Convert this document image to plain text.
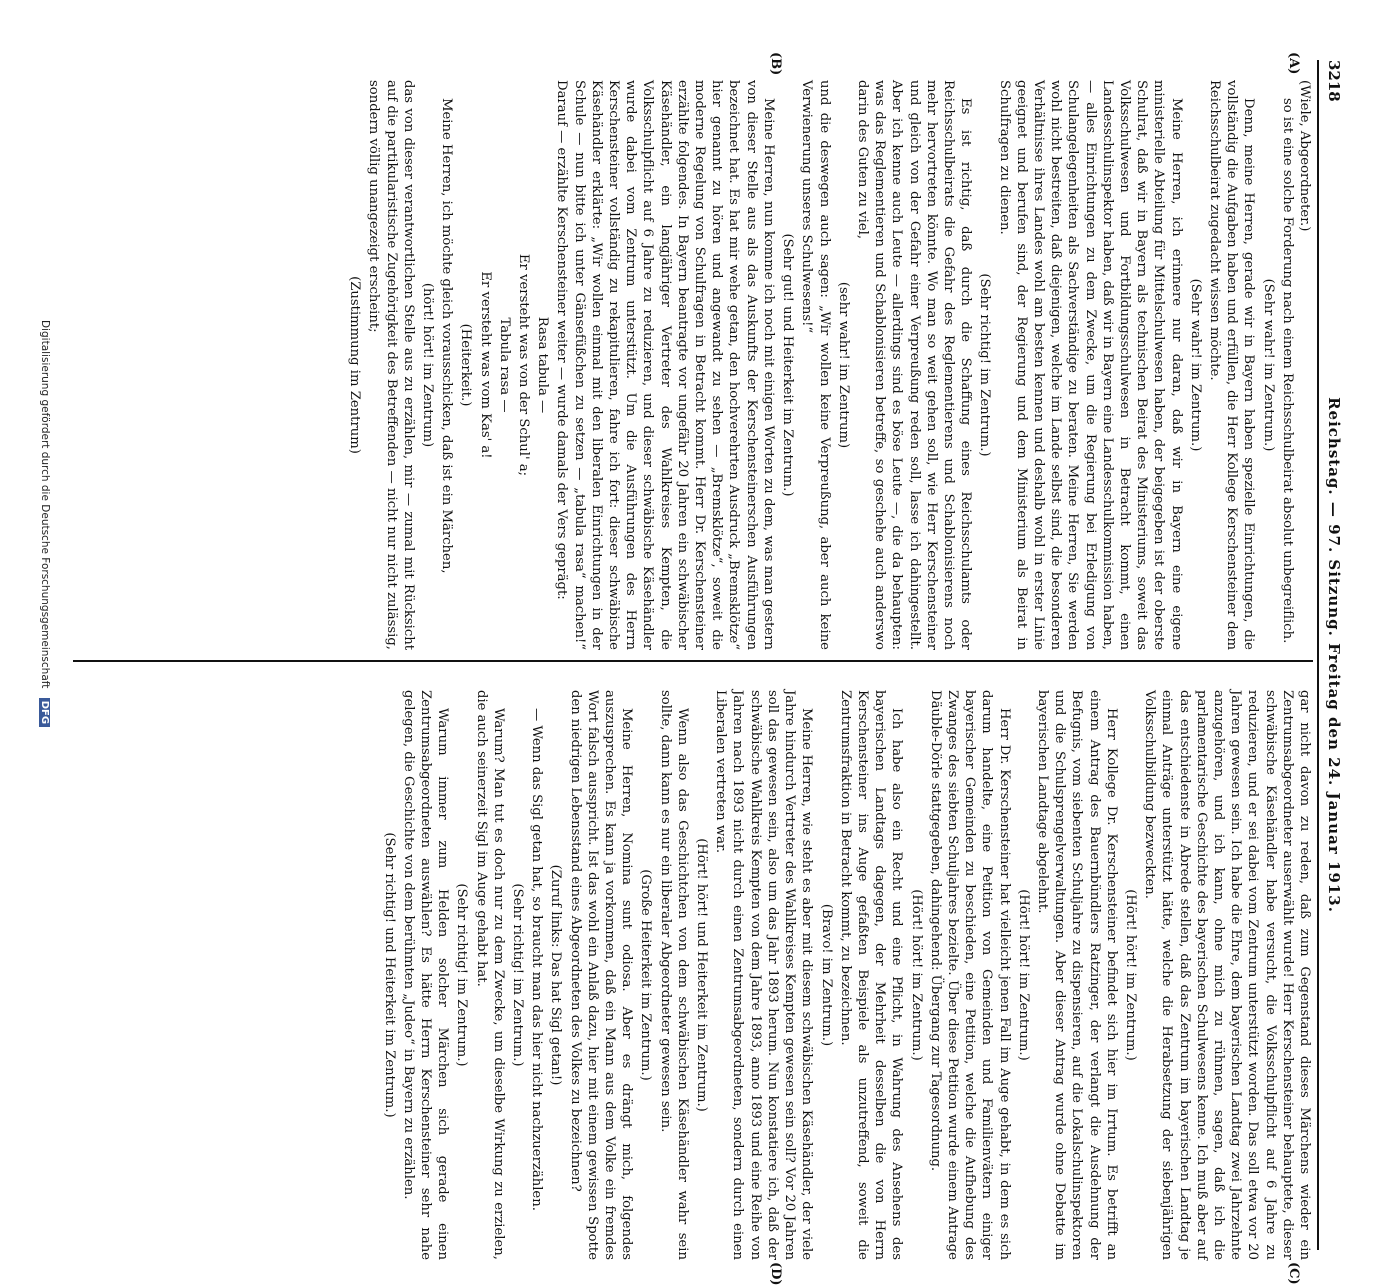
3218
Reichstag. — 97. Sitzung. Freitag den 24. Januar 1913.
(A)
(B)
(C)
(D)

(Wiele, Abgeordneter.)

so ist eine solche Forderung nach einem Reichsschulbeirat absolut unbegreiflich.

(Sehr wahr! im Zentrum.)

Denn, meine Herren, gerade wir in Bayern haben spezielle Einrichtungen, die vollständig die Aufgaben haben und erfüllen, die Herr Kollege Kerschensteiner dem Reichsschulbeirat zugedacht wissen möchte.

(Sehr wahr! im Zentrum.)

Meine Herren, ich erinnere nur daran, daß wir in Bayern eine eigene ministerielle Abteilung für Mittelschulwesen haben, der beigegeben ist der oberste Schulrat, daß wir in Bayern als technischen Beirat des Ministeriums, soweit das Volksschulwesen und Fortbildungsschulwesen in Betracht kommt, einen Landesschulinspektor haben, daß wir in Bayern eine Landesschulkommission haben, — alles Einrichtungen zu dem Zwecke, um die Regierung bei Erledigung von Schulangelegenheiten als Sachverständige zu beraten. Meine Herren, Sie werden wohl nicht bestreiten, daß diejenigen, welche im Lande selbst sind, die besonderen Verhältnisse ihres Landes wohl am besten kennen und deshalb wohl in erster Linie geeignet und berufen sind, der Regierung und dem Ministerium als Beirat in Schulfragen zu dienen.

(Sehr richtig! im Zentrum.)

Es ist richtig, daß durch die Schaffung eines Reichsschulamts oder Reichsschulbeirats die Gefahr des Reglementierens und Schablonisierens noch mehr hervortreten könnte. Wo man so weit gehen soll, wie Herr Kerschensteiner und gleich von der Gefahr einer Verpreußung reden soll, lasse ich dahingestellt. Aber ich kenne auch Leute — allerdings sind es böse Leute —, die da behaupten: was das Reglementieren und Schablonisieren betreffe, so geschehe auch anderswo darin des Guten zu viel,

(sehr wahr! im Zentrum)

und die deswegen auch sagen: „Wir wollen keine Verpreußung, aber auch keine Verwienerung unseres Schulwesens!“

(Sehr gut! und Heiterkeit im Zentrum.)

Meine Herren, nun komme ich noch mit einigen Worten zu dem, was man gestern von dieser Stelle aus als das Auskunfts der Kerschensteinerschen Ausführungen bezeichnet hat. Es hat mir wehe getan, den hochverehrten Ausdruck „Bremsklötze“ hier genannt zu hören und angewandt zu sehen — „Bremsklötze“, soweit die moderne Regelung von Schulfragen in Betracht kommt. Herr Dr. Kerschensteiner erzählte folgendes. In Bayern beantragte vor ungefähr 20 Jahren ein schwäbischer Käsehändler, ein langjähriger Vertreter des Wahlkreises Kempten, die Volksschulpflicht auf 6 Jahre zu reduzieren, und dieser schwäbische Käsehändler wurde dabei vom Zentrum unterstützt. Um die Ausführungen des Herrn Kerschensteiner vollständig zu rekapitulieren, fahre ich fort: dieser schwäbische Käsehändler erklärte: „Wir wollen einmal mit den liberalen Einrichtungen in der Schule — nun bitte ich unter Gänsefüßchen zu setzen — „tabula rasa“ machen!“ Darauf — erzählte Kerschensteiner weiter — wurde damals der Vers geprägt:

Rasa tabula —
Er versteht was von der Schul' a;
Tabula rasa —
Er versteht was vom Kas' a!
(Heiterkeit.)

Meine Herren, ich möchte gleich vorausschicken, daß ist ein Märchen,

(hört! hört! im Zentrum)

das von dieser verantwortlichen Stelle aus zu erzählen, mir — zumal mit Rücksicht auf die partikularistische Zugehörigkeit des Betreffenden — nicht nur nicht zulässig, sondern völlig unangezeigt erscheint;

(Zustimmung im Zentrum)

gar nicht davon zu reden, daß zum Gegenstand dieses Märchens wieder ein Zentrumsabgeordneter auserwählt wurde! Herr Kerschensteiner behauptete, dieser schwäbische Käsehändler habe versucht, die Volksschulpflicht auf 6 Jahre zu reduzieren, und er sei dabei vom Zentrum unterstützt worden. Das soll etwa vor 20 Jahren gewesen sein. Ich habe die Ehre, dem bayerischen Landtag zwei Jahrzehnte anzugehören, und ich kann, ohne mich zu rühmen, sagen, daß ich die parlamentarische Geschichte des bayerischen Schulwesens kenne. Ich muß aber auf das entschiedenste in Abrede stellen, daß das Zentrum im bayerischen Landtag je einmal Anträge unterstützt hätte, welche die Herabsetzung der siebenjährigen Volksschulbildung bezweckten.

(Hört! hört! im Zentrum.)

Herr Kollege Dr. Kerschensteiner befindet sich hier im Irrtum. Es betrifft an einem Antrag des Bauernbündlers Ratzinger, der verlangt die Ausdehnung der Befugnis, vom siebenten Schuljahre zu dispensieren, auf die Lokalschulinspektoren und die Schulsprengelverwaltungen. Aber dieser Antrag wurde ohne Debatte im bayerischen Landtage abgelehnt.

(Hört! hört! im Zentrum.)

Herr Dr. Kerschensteiner hat vielleicht jenen Fall im Auge gehabt, in dem es sich darum handelte, eine Petition von Gemeinden und Familienvätern einiger bayerischer Gemeinden zu beschieden, eine Petition, welche die Aufhebung des Zwanges des siebten Schuljahres bezielte. Über diese Petition wurde einem Antrage Däuble-Dörle stattgegeben, dahingehend: Übergang zur Tagesordnung.

(Hört! hört! im Zentrum.)

Ich habe also ein Recht und eine Pflicht, in Wahrung des Ansehens des bayerischen Landtags dagegen, der Mehrheit desselben die von Herrn Kerschensteiner ins Auge gefaßten Beispiele als unzutreffend, soweit die Zentrumsfraktion in Betracht kommt, zu bezeichnen.

(Bravo! im Zentrum.)

Meine Herren, wie steht es aber mit diesem schwäbischen Käsehändler, der viele Jahre hindurch Vertreter des Wahlkreises Kempten gewesen sein soll? Vor 20 Jahren soll das gewesen sein, also um das Jahr 1893 herum. Nun konstatiere ich, daß der schwäbische Wahlkreis Kempten von dem Jahre 1893, anno 1893 und eine Reihe von Jahren nach 1893 nicht durch einen Zentrumsabgeordneten, sondern durch einen Liberalen vertreten war.

(Hört! hört! und Heiterkeit im Zentrum.)

Wenn also das Geschichtchen von dem schwäbischen Käsehändler wahr sein sollte, dann kann es nur ein liberaler Abgeordneter gewesen sein.

(Große Heiterkeit im Zentrum.)

Meine Herren, Nomina sunt odiosa. Aber es drängt mich, folgendes auszusprechen. Es kann ja vorkommen, daß ein Mann aus dem Volke ein fremdes Wort falsch ausspricht. Ist das wohl ein Anlaß dazu, hier mit einem gewissen Spotte den niedrigen Lebensstand eines Abgeordneten des Volkes zu bezeichnen?

(Zuruf links: Das hat Sigl getan!)

— Wenn das Sigl getan hat, so braucht man das hier nicht nachzuerzählen.

(Sehr richtig! im Zentrum.)

Warum? Man tut es doch nur zu dem Zwecke, um dieselbe Wirkung zu erzielen, die auch seinerzeit Sigl im Auge gehabt hat.

(Sehr richtig! im Zentrum.)

Warum immer zum Helden solcher Märchen sich gerade einen Zentrumsabgeordneten auswählen? Es hätte Herrn Kerschensteiner sehr nahe gelegen, die Geschichte von dem berühmten „Judeo“ in Bayern zu erzählen.

(Sehr richtig! und Heiterkeit im Zentrum.)
Digitalisierung gefördert durch die Deutsche Forschungsgemeinschaft DFG
